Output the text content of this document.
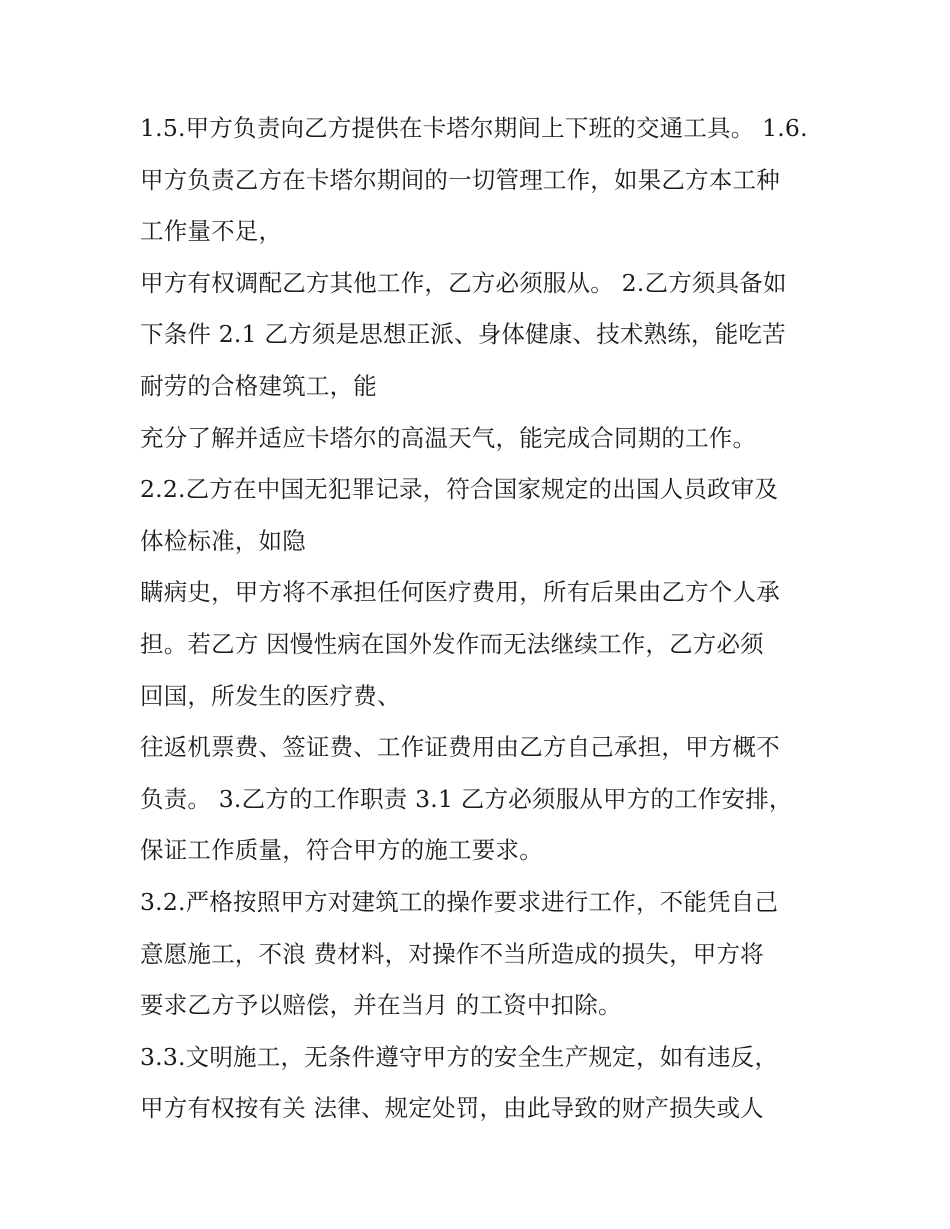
1.5.甲方负责向乙方提供在卡塔尔期间上下班的交通工具。 1.6.
甲方负责乙方在卡塔尔期间的一切管理工作，如果乙方本工种
工作量不足，
甲方有权调配乙方其他工作，乙方必须服从。 2.乙方须具备如
下条件 2.1 乙方须是思想正派、身体健康、技术熟练，能吃苦
耐劳的合格建筑工，能
充分了解并适应卡塔尔的高温天气，能完成合同期的工作。
2.2.乙方在中国无犯罪记录，符合国家规定的出国人员政审及
体检标准，如隐
瞒病史，甲方将不承担任何医疗费用，所有后果由乙方个人承
担。若乙方 因慢性病在国外发作而无法继续工作，乙方必须
回国，所发生的医疗费、
往返机票费、签证费、工作证费用由乙方自己承担，甲方概不
负责。 3.乙方的工作职责 3.1 乙方必须服从甲方的工作安排，
保证工作质量，符合甲方的施工要求。
3.2.严格按照甲方对建筑工的操作要求进行工作，不能凭自己
意愿施工，不浪 费材料，对操作不当所造成的损失，甲方将
要求乙方予以赔偿，并在当月 的工资中扣除。
3.3.文明施工，无条件遵守甲方的安全生产规定，如有违反，
甲方有权按有关 法律、规定处罚，由此导致的财产损失或人
